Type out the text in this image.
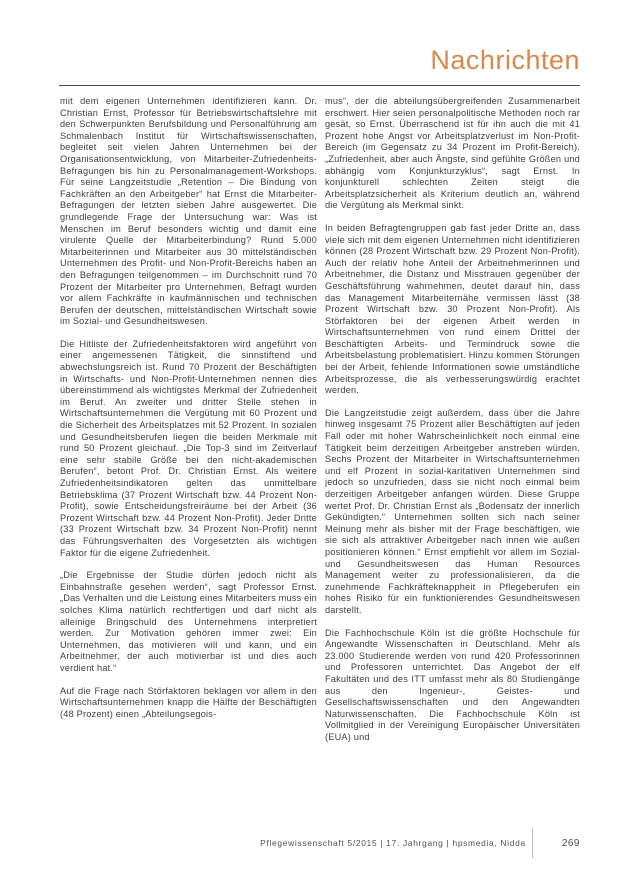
Nachrichten

mit dem eigenen Unternehmen identifizieren kann. Dr. Christian Ernst, Professor für Betriebswirtschaftslehre mit den Schwerpunkten Berufsbildung und Personalführung am Schmalenbach Institut für Wirtschaftswissenschaften, begleitet seit vielen Jahren Unternehmen bei der Organisationsentwicklung, von Mitarbeiter-Zufriedenheits-Befragungen bis hin zu Personalmanagement-Workshops. Für seine Langzeitstudie „Retention – Die Bindung von Fachkräften an den Arbeitgeber“ hat Ernst die Mitarbeiter-Befragungen der letzten sieben Jahre ausgewertet. Die grundlegende Frage der Untersuchung war: Was ist Menschen im Beruf besonders wichtig und damit eine virulente Quelle der Mitarbeiterbindung? Rund 5.000 Mitarbeiterinnen und Mitarbeiter aus 30 mittelständischen Unternehmen des Profit- und Non-Profit-Bereichs haben an den Befragungen teilgenommen – im Durchschnitt rund 70 Prozent der Mitarbeiter pro Unternehmen. Befragt wurden vor allem Fachkräfte in kaufmännischen und technischen Berufen der deutschen, mittelständischen Wirtschaft sowie im Sozial- und Gesundheitswesen.

Die Hitliste der Zufriedenheitsfaktoren wird angeführt von einer angemessenen Tätigkeit, die sinnstiftend und abwechslungsreich ist. Rund 70 Prozent der Beschäftigten in Wirtschafts- und Non-Profit-Unternehmen nennen dies übereinstimmend als wichtigstes Merkmal der Zufriedenheit im Beruf. An zweiter und dritter Stelle stehen in Wirtschaftsunternehmen die Vergütung mit 60 Prozent und die Sicherheit des Arbeitsplatzes mit 52 Prozent. In sozialen und Gesundheitsberufen liegen die beiden Merkmale mit rund 50 Prozent gleichauf. „Die Top-3 sind im Zeitverlauf eine sehr stabile Größe bei den nicht-akademischen Berufen“, betont Prof. Dr. Christian Ernst. Als weitere Zufriedenheitsindikatoren gelten das unmittelbare Betriebsklima (37 Prozent Wirtschaft bzw. 44 Prozent Non-Profit), sowie Entscheidungsfreiräume bei der Arbeit (36 Prozent Wirtschaft bzw. 44 Prozent Non-Profit). Jeder Dritte (33 Prozent Wirtschaft bzw. 34 Prozent Non-Profit) nennt das Führungsverhalten des Vorgesetzten als wichtigen Faktor für die eigene Zufriedenheit.

„Die Ergebnisse der Studie dürfen jedoch nicht als Einbahnstraße gesehen werden“, sagt Professor Ernst. „Das Verhalten und die Leistung eines Mitarbeiters muss ein solches Klima natürlich rechtfertigen und darf nicht als alleinige Bringschuld des Unternehmens interpretiert werden. Zur Motivation gehören immer zwei: Ein Unternehmen, das motivieren will und kann, und ein Arbeitnehmer, der auch motivierbar ist und dies auch verdient hat.“

Auf die Frage nach Störfaktoren beklagen vor allem in den Wirtschaftsunternehmen knapp die Hälfte der Beschäftigten (48 Prozent) einen „Abteilungsegois-

mus“, der die abteilungsübergreifenden Zusammenarbeit erschwert. Hier seien personalpolitische Methoden noch rar gesät, so Ernst. Überraschend ist für ihn auch die mit 41 Prozent hohe Angst vor Arbeitsplatzverlust im Non-Profit-Bereich (im Gegensatz zu 34 Prozent im Profit-Bereich). „Zufriedenheit, aber auch Ängste, sind gefühlte Größen und abhängig vom Konjunkturzyklus“, sagt Ernst. In konjunkturell schlechten Zeiten steigt die Arbeitsplatzsicherheit als Kriterium deutlich an, während die Vergütung als Merkmal sinkt.

In beiden Befragtengruppen gab fast jeder Dritte an, dass viele sich mit dem eigenen Unternehmen nicht identifizieren können (28 Prozent Wirtschaft bzw. 29 Prozent Non-Profit). Auch der relativ hohe Anteil der Arbeitnehmerinnen und Arbeitnehmer, die Distanz und Misstrauen gegenüber der Geschäftsführung wahrnehmen, deutet darauf hin, dass das Management Mitarbeiternähe vermissen lässt (38 Prozent Wirtschaft bzw. 30 Prozent Non-Profit). Als Störfaktoren bei der eigenen Arbeit werden in Wirtschaftsunternehmen von rund einem Drittel der Beschäftigten Arbeits- und Termindruck sowie die Arbeitsbelastung problematisiert. Hinzu kommen Störungen bei der Arbeit, fehlende Informationen sowie umständliche Arbeitsprozesse, die als verbesserungswürdig erachtet werden.

Die Langzeitstudie zeigt außerdem, dass über die Jahre hinweg insgesamt 75 Prozent aller Beschäftigten auf jeden Fall oder mit hoher Wahrscheinlichkeit noch einmal eine Tätigkeit beim derzeitigen Arbeitgeber anstreben würden. Sechs Prozent der Mitarbeiter in Wirtschaftsunternehmen und elf Prozent in sozial-karitativen Unternehmen sind jedoch so unzufrieden, dass sie nicht noch einmal beim derzeitigen Arbeitgeber anfangen würden. Diese Gruppe wertet Prof. Dr. Christian Ernst als „Bodensatz der innerlich Gekündigten.“ Unternehmen sollten sich nach seiner Meinung mehr als bisher mit der Frage beschäftigen, wie sie sich als attraktiver Arbeitgeber nach innen wie außen positionieren können.“ Ernst empfiehlt vor allem im Sozial- und Gesundheitswesen das Human Resources Management weiter zu professionalisieren, da die zunehmende Fachkräfteknappheit in Pflegeberufen ein hohes Risiko für ein funktionierendes Gesundheitswesen darstellt.

Die Fachhochschule Köln ist die größte Hochschule für Angewandte Wissenschaften in Deutschland. Mehr als 23.000 Studierende werden von rund 420 Professorinnen und Professoren unterrichtet. Das Angebot der elf Fakultäten und des ITT umfasst mehr als 80 Studiengänge aus den Ingenieur-, Geistes- und Gesellschaftswissenschaften und den Angewandten Naturwissenschaften. Die Fachhochschule Köln ist Vollmitglied in der Vereinigung Europäischer Universitäten (EUA) und

Pflegewissenschaft 5/2015 | 17. Jahrgang | hpsmedia, Nidda	269
